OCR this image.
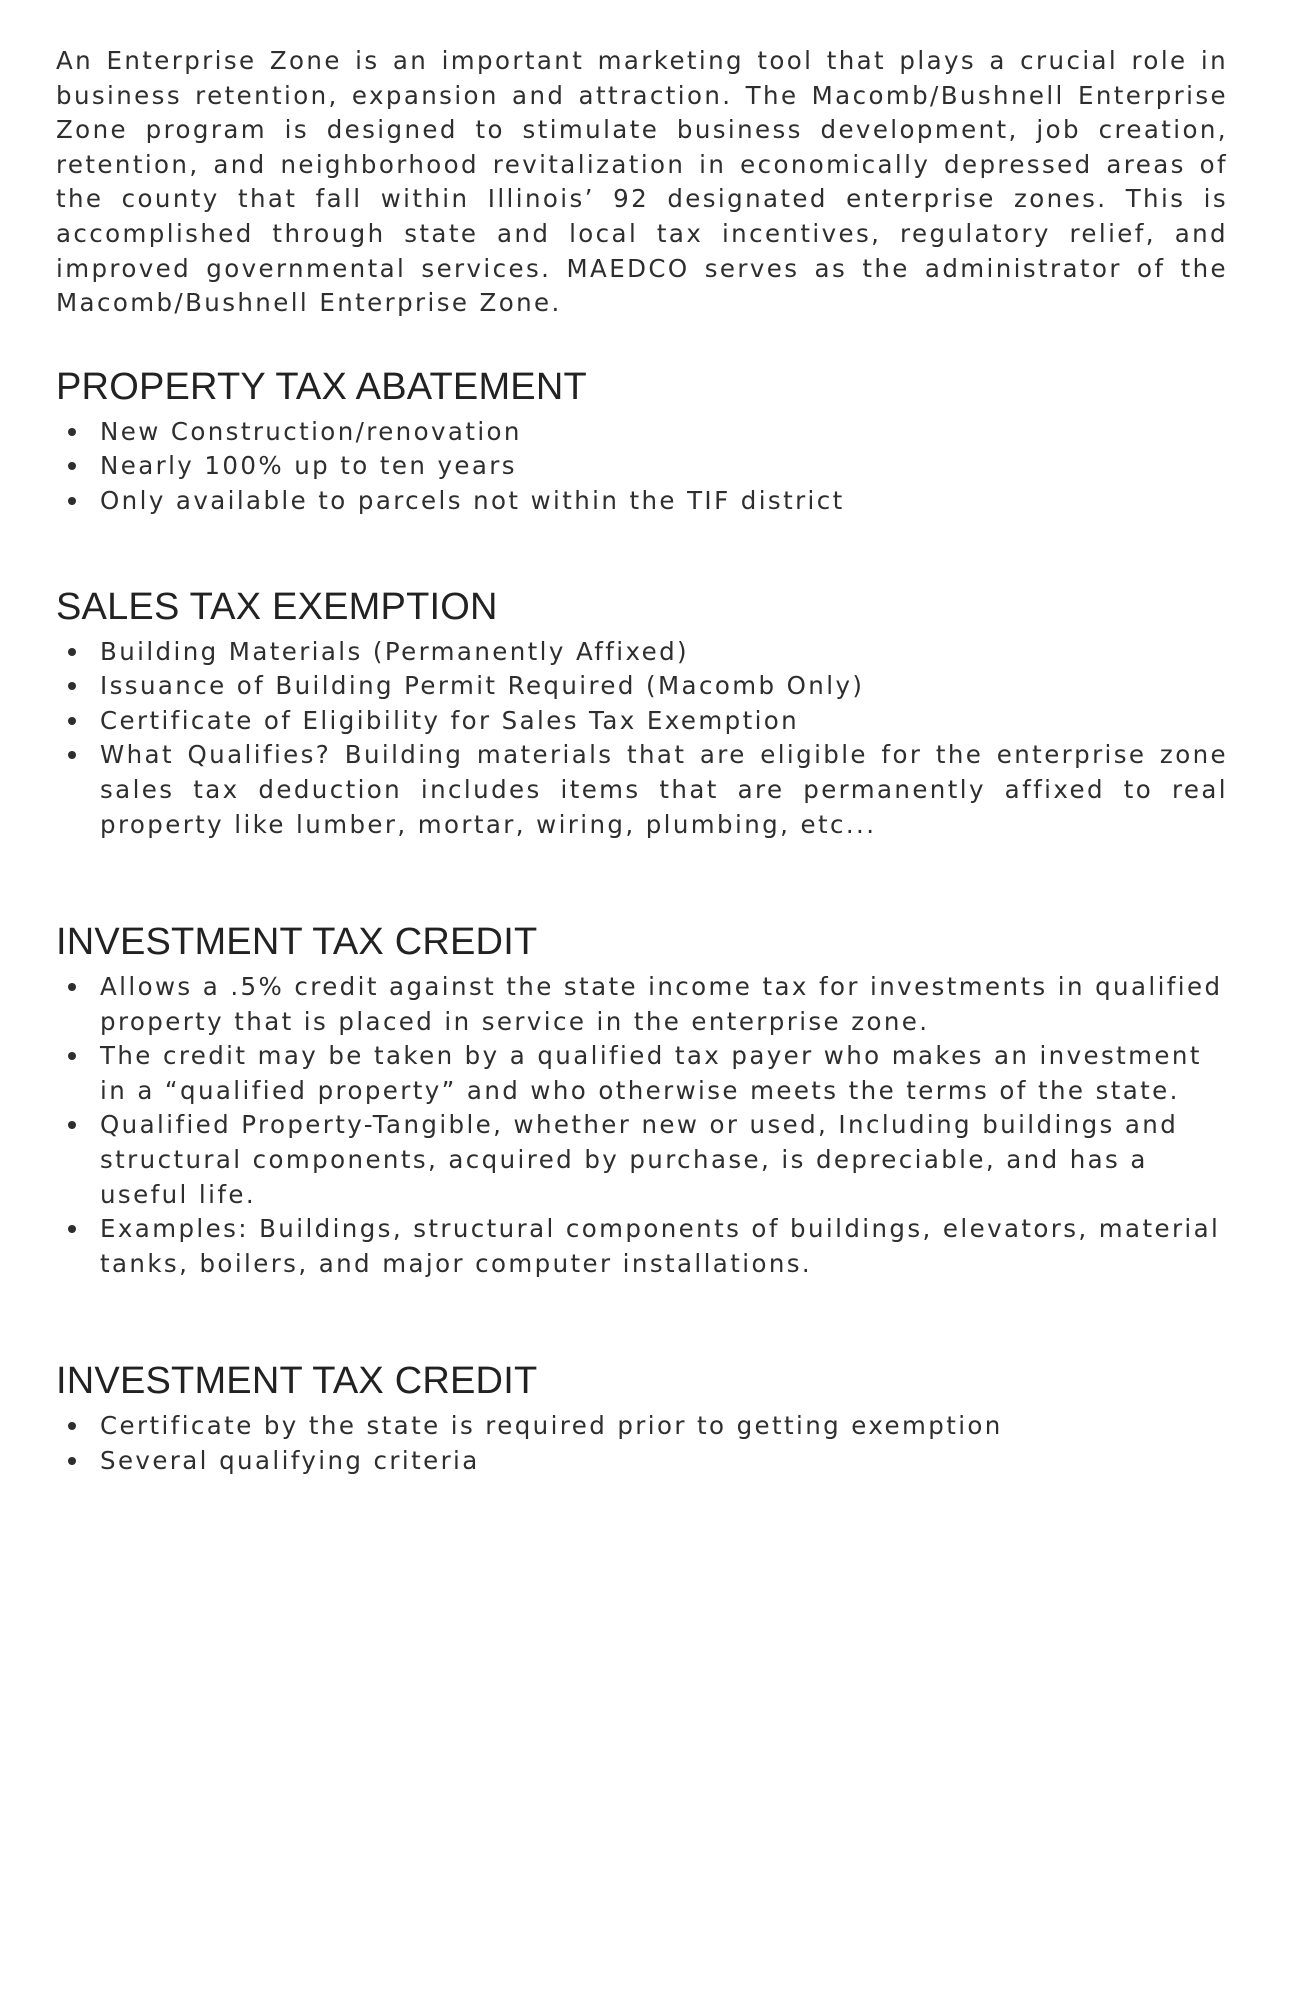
An Enterprise Zone is an important marketing tool that plays a crucial role in business retention, expansion and attraction. The Macomb/Bushnell Enterprise Zone program is designed to stimulate business development, job creation, retention, and neighborhood revitalization in economically depressed areas of the county that fall within Illinois’ 92 designated enterprise zones. This is accomplished through state and local tax incentives, regulatory relief, and improved governmental services. MAEDCO serves as the administrator of the Macomb/Bushnell Enterprise Zone.

PROPERTY TAX ABATEMENT
New Construction/renovation
Nearly 100% up to ten years
Only available to parcels not within the TIF district
SALES TAX EXEMPTION
Building Materials (Permanently Affixed)
Issuance of Building Permit Required (Macomb Only)
Certificate of Eligibility for Sales Tax Exemption
What Qualifies? Building materials that are eligible for the enterprise zone sales tax deduction includes items that are permanently affixed to real property like lumber, mortar, wiring, plumbing, etc...
INVESTMENT TAX CREDIT
Allows a .5% credit against the state income tax for investments in qualified property that is placed in service in the enterprise zone.
The credit may be taken by a qualified tax payer who makes an investment in a “qualified property” and who otherwise meets the terms of the state.
Qualified Property-Tangible, whether new or used, Including buildings and structural components, acquired by purchase, is depreciable, and has a useful life.
Examples: Buildings, structural components of buildings, elevators, material tanks, boilers, and major computer installations.
INVESTMENT TAX CREDIT
Certificate by the state is required prior to getting exemption
Several qualifying criteria
